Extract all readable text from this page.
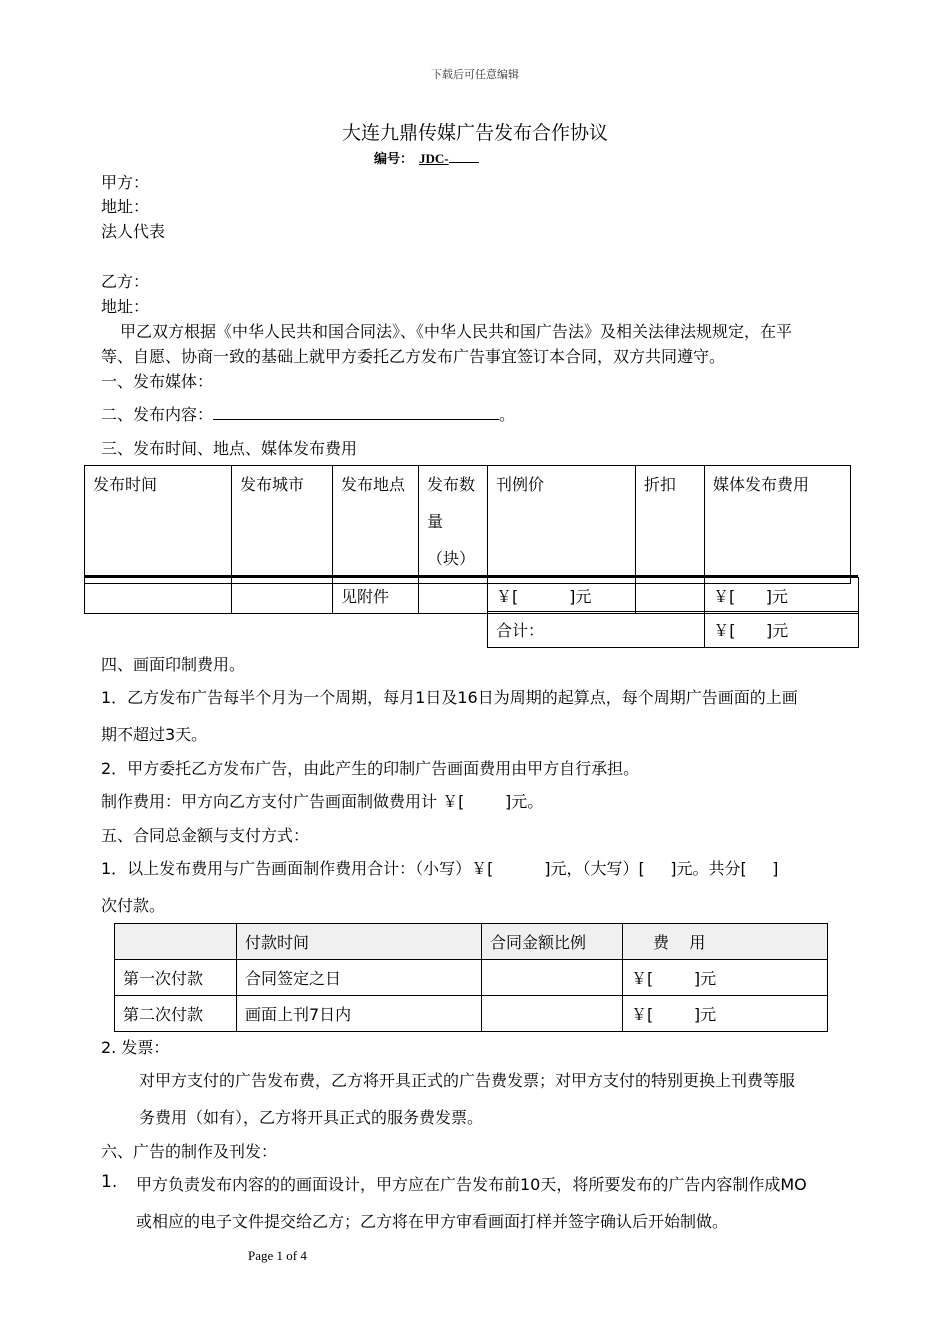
下载后可任意编辑
大连九鼎传媒广告发布合作协议
编号： JDC-
甲方：
地址：
法人代表
乙方：
地址：
甲乙双方根据《中华人民共和国合同法》、《中华人民共和国广告法》及相关法律法规规定，在平
等、自愿、协商一致的基础上就甲方委托乙方发布广告事宜签订本合同，双方共同遵守。
一、发布媒体：
二、发布内容：	。
三、发布时间、地点、媒体发布费用
发布时间	发布城市	发布地点	发布数
量
（块）
	刊例价	折扣	媒体发布费用
		见附件		￥[          ]元		￥[      ]元
合计：	￥[      ]元
四、画面印制费用。
1．乙方发布广告每半个月为一个周期，每月1日及16日为周期的起算点，每个周期广告画面的上画
期不超过3天。
2．甲方委托乙方发布广告，由此产生的印制广告画面费用由甲方自行承担。
制作费用：甲方向乙方支付广告画面制做费用计 ￥[        ]元。
五、合同总金额与支付方式：
1．以上发布费用与广告画面制作费用合计：（小写）￥[          ]元，（大写）[     ]元。共分[     ]
次付款。
	付款时间	合同金额比例	费    用
第一次付款	合同签定之日		￥[        ]元
第二次付款	画面上刊7日内		￥[        ]元
2. 发票：
对甲方支付的广告发布费，乙方将开具正式的广告费发票；对甲方支付的特别更换上刊费等服
务费用（如有），乙方将开具正式的服务费发票。
六、广告的制作及刊发：
1. 甲方负责发布内容的的画面设计，甲方应在广告发布前10天，将所要发布的广告内容制作成MO
或相应的电子文件提交给乙方；乙方将在甲方审看画面打样并签字确认后开始制做。
Page 1 of 4
